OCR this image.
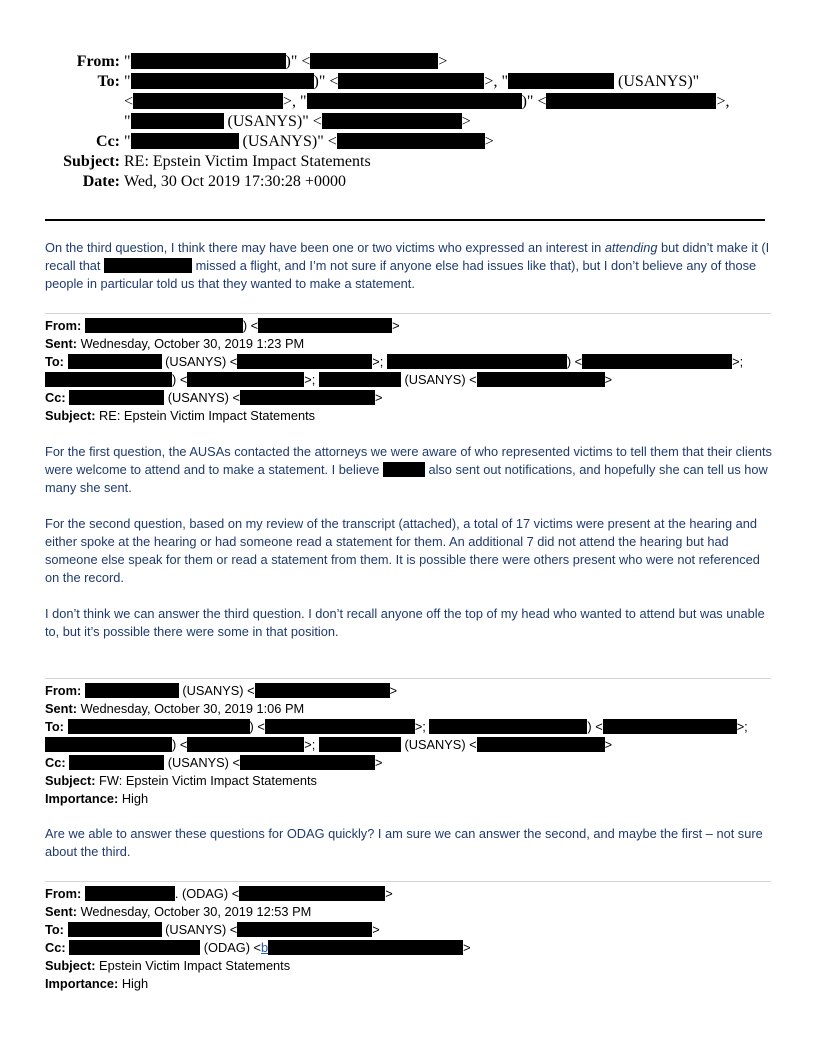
From: "	)" <	>
To: "	)" <	>, "	(USANYS)"
<	>, "	)" <	>,
"	(USANYS)" <	>
Cc: "	(USANYS)" <	>
Subject: RE: Epstein Victim Impact Statements
Date: Wed, 30 Oct 2019 17:30:28 +0000

On the third question, I think there may have been one or two victims who expressed an interest in attending but didn’t make it (I recall that	missed a flight, and I’m not sure if anyone else had issues like that), but I don’t believe any of those people in particular told us that they wanted to make a statement.

From:	) <	>
Sent: Wednesday, October 30, 2019 1:23 PM
To:	(USANYS) <	>;	) <	>;
) <	>;	(USANYS) <	>
Cc:	(USANYS) <	>
Subject: RE: Epstein Victim Impact Statements

For the first question, the AUSAs contacted the attorneys we were aware of who represented victims to tell them that their clients were welcome to attend and to make a statement. I believe	also sent out notifications, and hopefully she can tell us how many she sent.

For the second question, based on my review of the transcript (attached), a total of 17 victims were present at the hearing and either spoke at the hearing or had someone read a statement for them. An additional 7 did not attend the hearing but had someone else speak for them or read a statement from them. It is possible there were others present who were not referenced on the record.

I don’t think we can answer the third question. I don’t recall anyone off the top of my head who wanted to attend but was unable to, but it’s possible there were some in that position.

From:	(USANYS) <	>
Sent: Wednesday, October 30, 2019 1:06 PM
To:	) <	>;	) <	>;
) <	>;	(USANYS) <	>
Cc:	(USANYS) <	>
Subject: FW: Epstein Victim Impact Statements
Importance: High

Are we able to answer these questions for ODAG quickly? I am sure we can answer the second, and maybe the first – not sure about the third.

From:	. (ODAG) <	>
Sent: Wednesday, October 30, 2019 12:53 PM
To:	(USANYS) <	>
Cc:	(ODAG) <b	>
Subject: Epstein Victim Impact Statements
Importance: High
